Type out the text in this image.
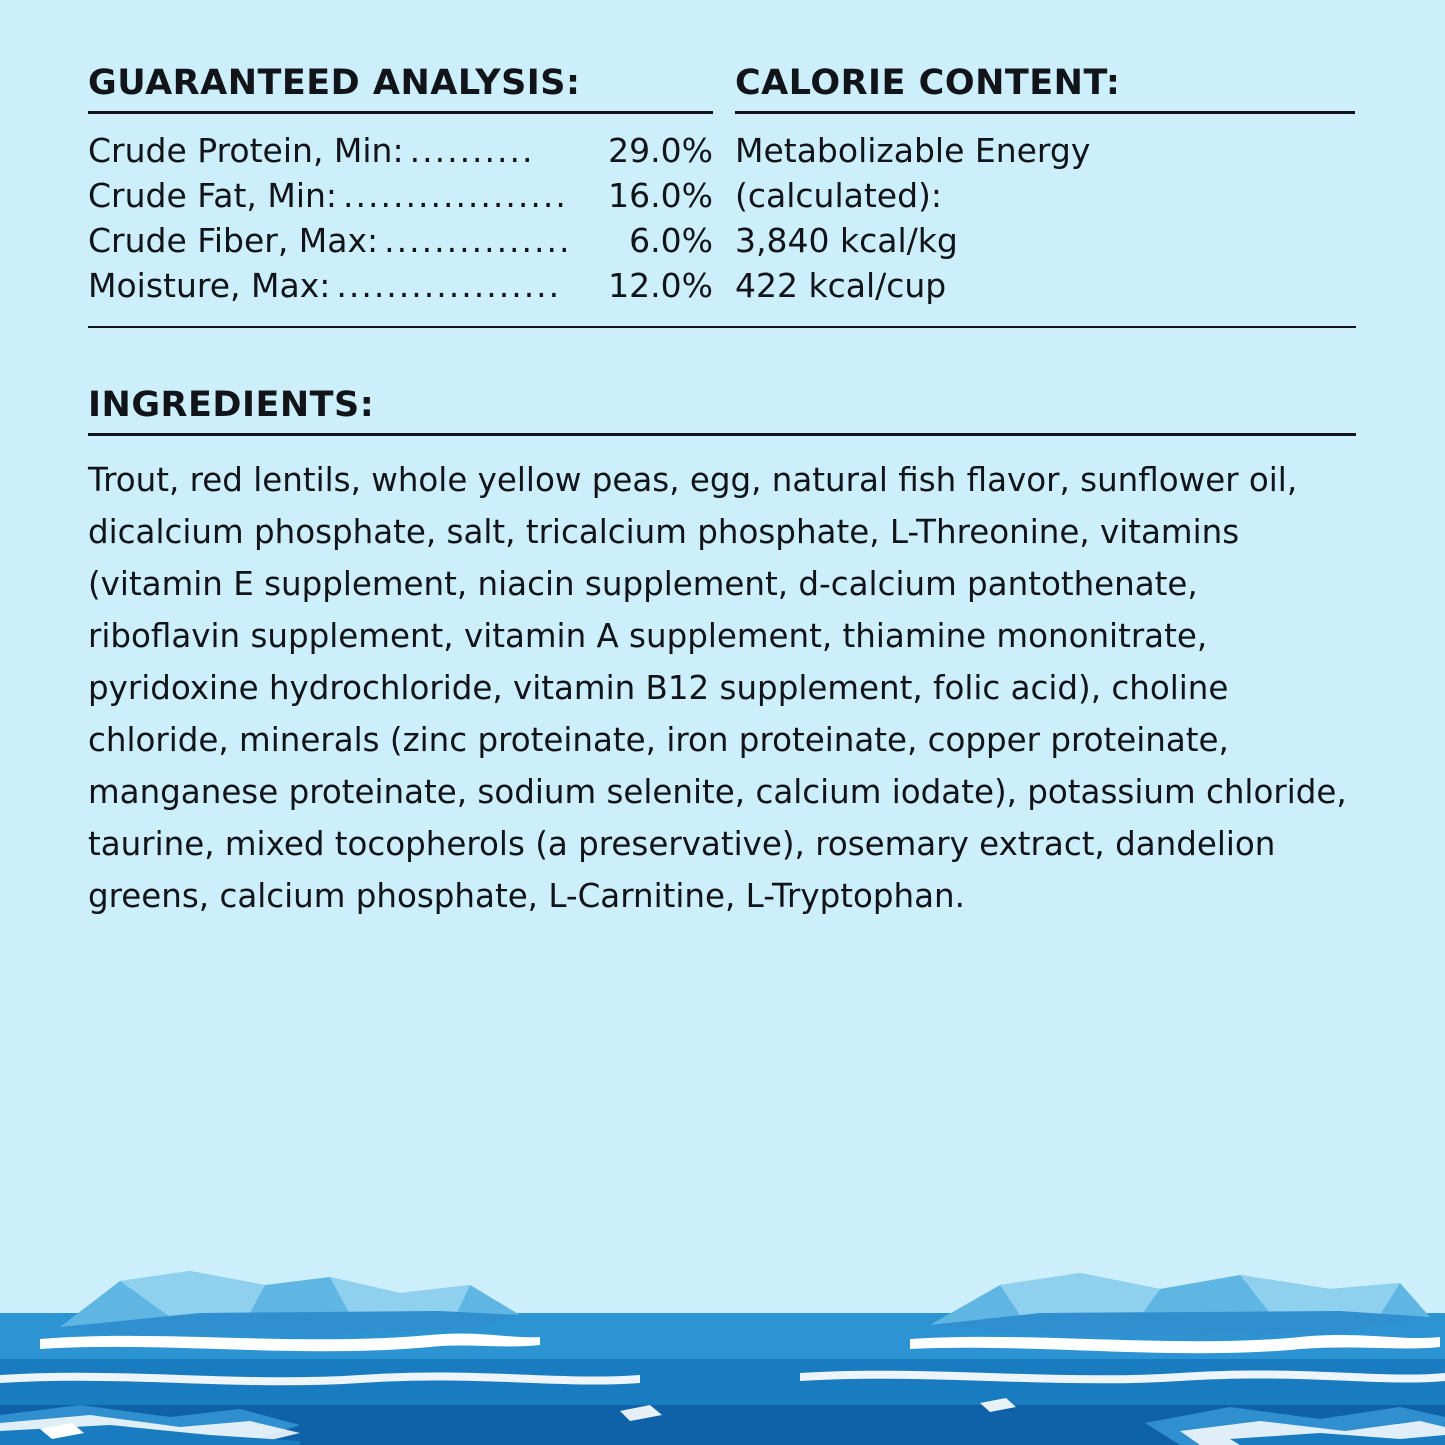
GUARANTEED ANALYSIS:
Crude Protein, Min: ..........	29.0%
Crude Fat, Min: ..................	16.0%
Crude Fiber, Max: ...............	6.0%
Moisture, Max: ..................	12.0%
CALORIE CONTENT:
Metabolizable Energy
(calculated):
3,840 kcal/kg
422 kcal/cup
INGREDIENTS:
Trout, red lentils, whole yellow peas, egg, natural fish flavor, sunflower oil, dicalcium phosphate, salt, tricalcium phosphate, L-Threonine, vitamins (vitamin E supplement, niacin supplement, d-calcium pantothenate, riboflavin supplement, vitamin A supplement, thiamine mononitrate, pyridoxine hydrochloride, vitamin B12 supplement, folic acid), choline chloride, minerals (zinc proteinate, iron proteinate, copper proteinate, manganese proteinate, sodium selenite, calcium iodate), potassium chloride, taurine, mixed tocopherols (a preservative), rosemary extract, dandelion greens, calcium phosphate, L-Carnitine, L-Tryptophan.
